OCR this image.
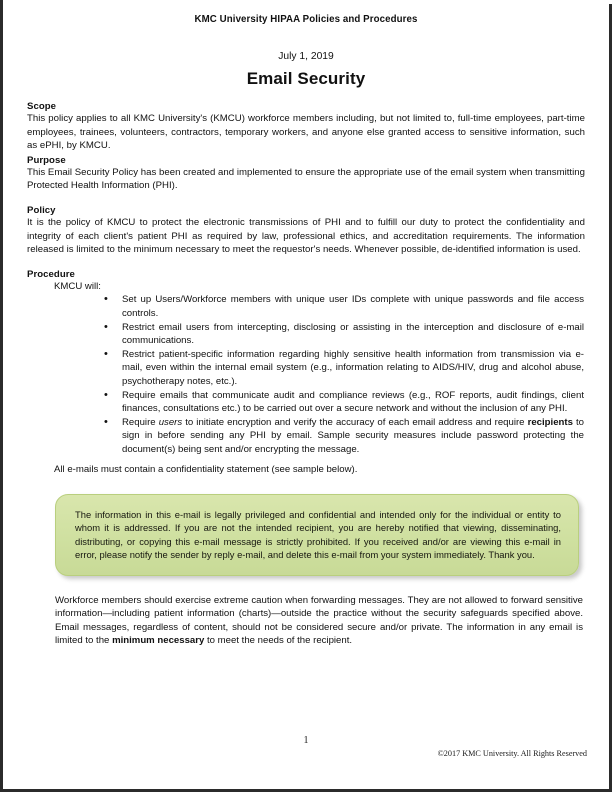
KMC University HIPAA Policies and Procedures
July 1, 2019
Email Security
Scope

This policy applies to all KMC University's (KMCU) workforce members including, but not limited to, full-time employees, part-time employees, trainees, volunteers, contractors, temporary workers, and anyone else granted access to sensitive information, such as ePHI, by KMCU.

Purpose

This Email Security Policy has been created and implemented to ensure the appropriate use of the email system when transmitting Protected Health Information (PHI).

Policy

It is the policy of KMCU to protect the electronic transmissions of PHI and to fulfill our duty to protect the confidentiality and integrity of each client's patient PHI as required by law, professional ethics, and accreditation requirements. The information released is limited to the minimum necessary to meet the requestor's needs. Whenever possible, de-identified information is used.

Procedure
KMCU will:
• Set up Users/Workforce members with unique user IDs complete with unique passwords and file access controls.
• Restrict email users from intercepting, disclosing or assisting in the interception and disclosure of e-mail communications.
• Restrict patient-specific information regarding highly sensitive health information from transmission via e-mail, even within the internal email system (e.g., information relating to AIDS/HIV, drug and alcohol abuse, psychotherapy notes, etc.).
• Require emails that communicate audit and compliance reviews (e.g., ROF reports, audit findings, client finances, consultations etc.) to be carried out over a secure network and without the inclusion of any PHI.
• Require users to initiate encryption and verify the accuracy of each email address and require recipients to sign in before sending any PHI by email. Sample security measures include password protecting the document(s) being sent and/or encrypting the message.
All e-mails must contain a confidentiality statement (see sample below).

The information in this e-mail is legally privileged and confidential and intended only for the individual or entity to whom it is addressed. If you are not the intended recipient, you are hereby notified that viewing, disseminating, distributing, or copying this e-mail message is strictly prohibited. If you received and/or are viewing this e-mail in error, please notify the sender by reply e-mail, and delete this e-mail from your system immediately. Thank you.

Workforce members should exercise extreme caution when forwarding messages. They are not allowed to forward sensitive information—including patient information (charts)—outside the practice without the security safeguards specified above. Email messages, regardless of content, should not be considered secure and/or private. The information in any email is limited to the minimum necessary to meet the needs of the recipient.

1
©2017 KMC University. All Rights Reserved
